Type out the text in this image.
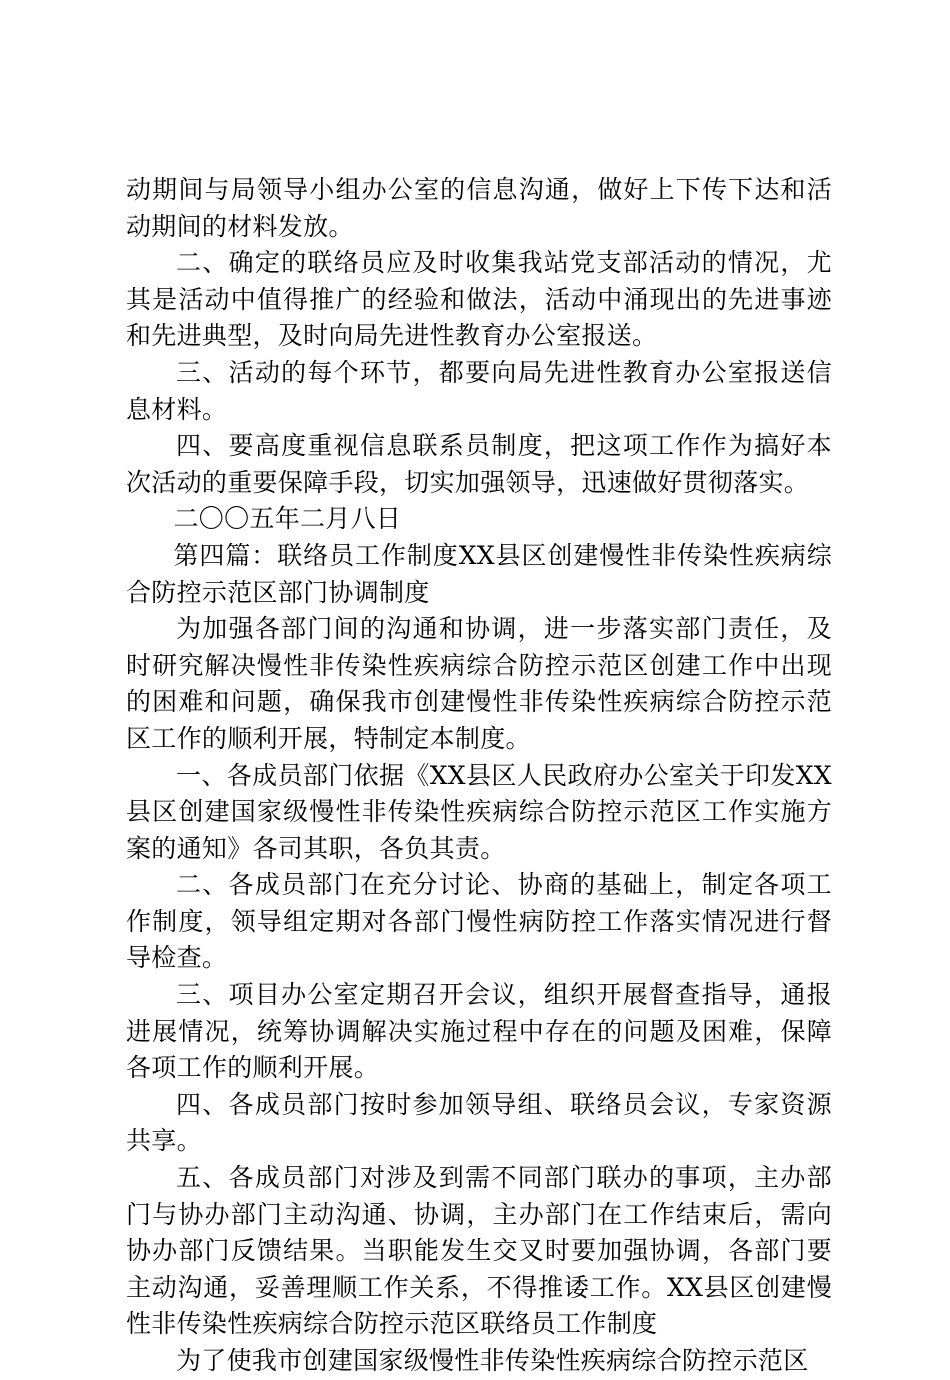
动期间与局领导小组办公室的信息沟通，做好上下传下达和活动期间的材料发放。

二、确定的联络员应及时收集我站党支部活动的情况，尤其是活动中值得推广的经验和做法，活动中涌现出的先进事迹和先进典型，及时向局先进性教育办公室报送。

三、活动的每个环节，都要向局先进性教育办公室报送信息材料。

四、要高度重视信息联系员制度，把这项工作作为搞好本次活动的重要保障手段，切实加强领导，迅速做好贯彻落实。

二〇〇五年二月八日

第四篇：联络员工作制度XX县区创建慢性非传染性疾病综合防控示范区部门协调制度

为加强各部门间的沟通和协调，进一步落实部门责任，及时研究解决慢性非传染性疾病综合防控示范区创建工作中出现的困难和问题，确保我市创建慢性非传染性疾病综合防控示范区工作的顺利开展，特制定本制度。

一、各成员部门依据《XX县区人民政府办公室关于印发XX县区创建国家级慢性非传染性疾病综合防控示范区工作实施方案的通知》各司其职，各负其责。

二、各成员部门在充分讨论、协商的基础上，制定各项工作制度，领导组定期对各部门慢性病防控工作落实情况进行督导检查。

三、项目办公室定期召开会议，组织开展督查指导，通报进展情况，统筹协调解决实施过程中存在的问题及困难，保障各项工作的顺利开展。

四、各成员部门按时参加领导组、联络员会议，专家资源共享。

五、各成员部门对涉及到需不同部门联办的事项，主办部门与协办部门主动沟通、协调，主办部门在工作结束后，需向协办部门反馈结果。当职能发生交叉时要加强协调，各部门要主动沟通，妥善理顺工作关系，不得推诿工作。XX县区创建慢性非传染性疾病综合防控示范区联络员工作制度

为了使我市创建国家级慢性非传染性疾病综合防控示范区
